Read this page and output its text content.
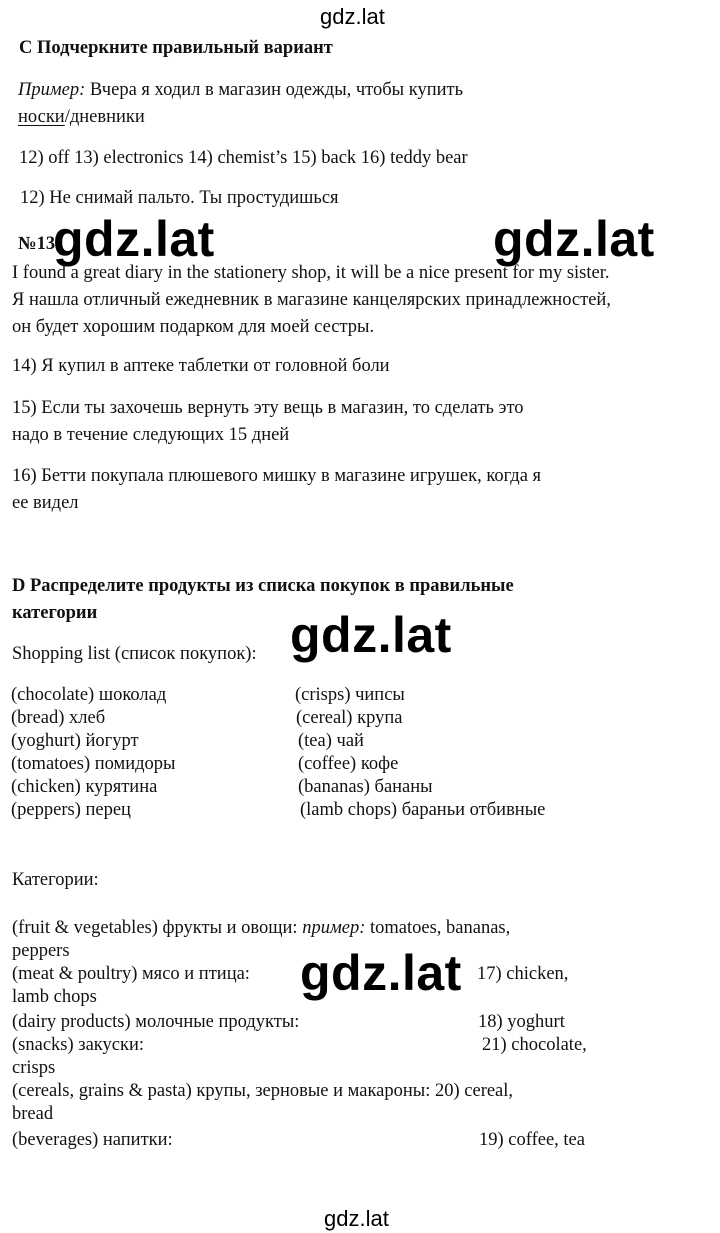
gdz.lat
С Подчеркните правильный вариант
Пример: Вчера я ходил в магазин одежды, чтобы купить
носки/дневники
12) off 13) electronics 14) chemist’s 15) back 16) teddy bear
12) Не снимай пальто. Ты простудишься
№13
gdz.lat	gdz.lat
I found a great diary in the stationery shop, it will be a nice present for my sister.
Я нашла отличный ежедневник в магазине канцелярских принадлежностей,
он будет хорошим подарком для моей сестры.
14) Я купил в аптеке таблетки от головной боли
15) Если ты захочешь вернуть эту вещь в магазин, то сделать это
надо в течение следующих 15 дней
16) Бетти покупала плюшевого мишку в магазине игрушек, когда я
ее видел
D Распределите продукты из списка покупок в правильные
категории
Shopping list (список покупок): gdz.lat
(chocolate) шоколад	(crisps) чипсы
(bread) хлеб	(cereal) крупа
(yoghurt) йогурт	(tea) чай
(tomatoes) помидоры	(coffee) кофе
(chicken) курятина	(bananas) бананы
(peppers) перец	(lamb chops) бараньи отбивные
Категории:
(fruit & vegetables) фрукты и овощи: пример: tomatoes, bananas,
peppers
(meat & poultry) мясо и птица:	17) chicken,
gdz.lat
lamb chops
(dairy products) молочные продукты:	18) yoghurt
(snacks) закуски:	21) chocolate,
crisps
(cereals, grains & pasta) крупы, зерновые и макароны: 20) cereal,
bread
(beverages) напитки:	19) coffee, tea
gdz.lat
